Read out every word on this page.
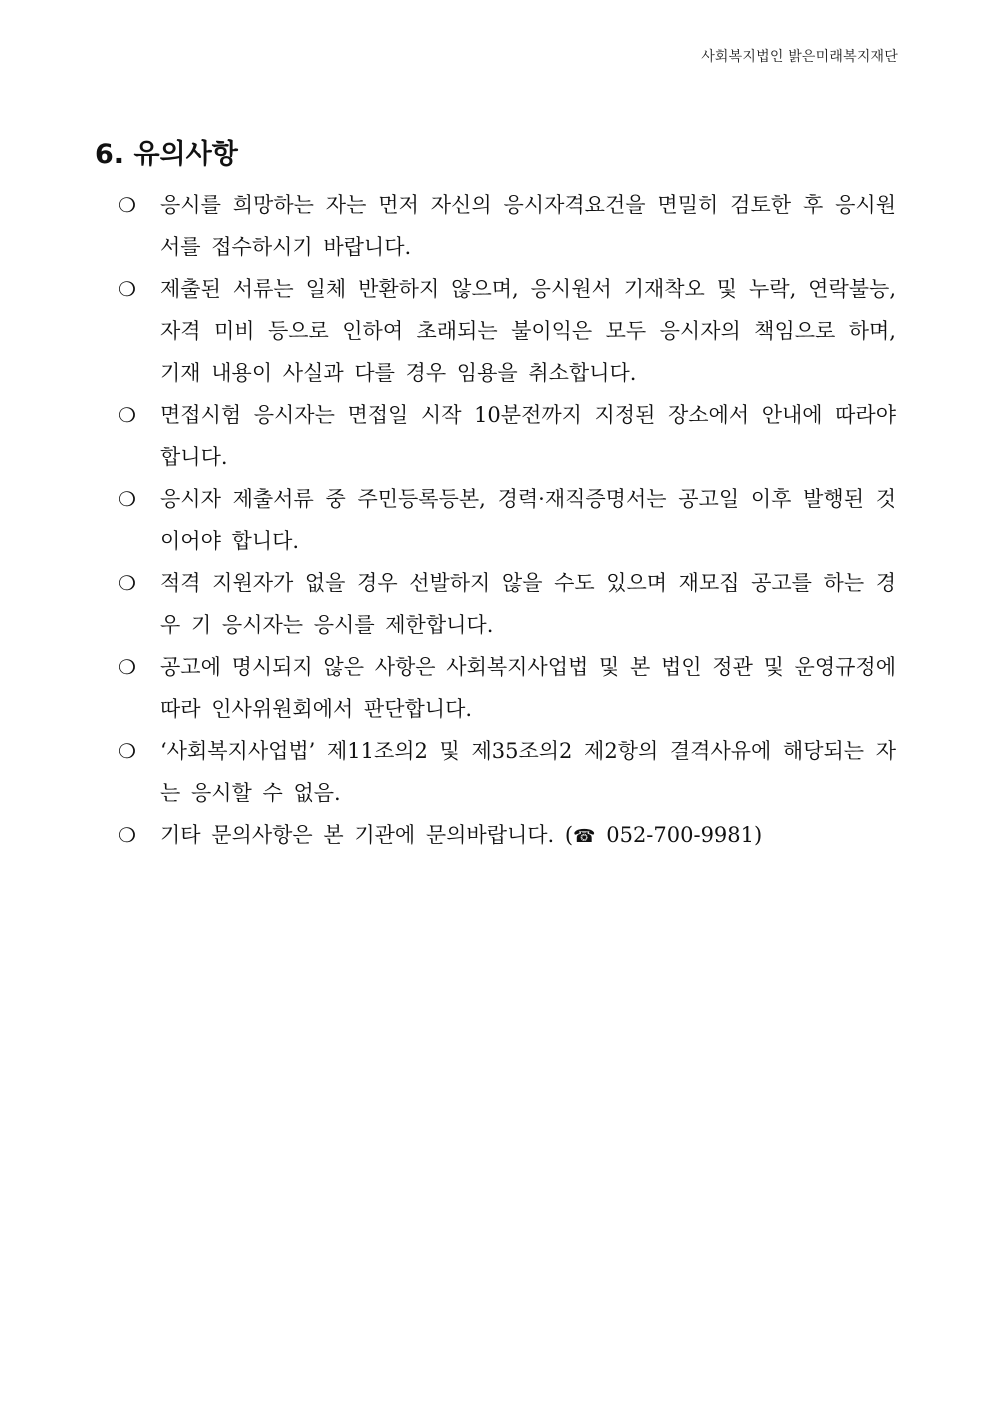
사회복지법인 밝은미래복지재단
6. 유의사항
❍	응시를 희망하는 자는 먼저 자신의 응시자격요건을 면밀히 검토한 후 응시원서를 접수하시기 바랍니다.
❍	제출된 서류는 일체 반환하지 않으며, 응시원서 기재착오 및 누락, 연락불능, 자격 미비 등으로 인하여 초래되는 불이익은 모두 응시자의 책임으로 하며, 기재 내용이 사실과 다를 경우 임용을 취소합니다.
❍	면접시험 응시자는 면접일 시작 10분전까지 지정된 장소에서 안내에 따라야 합니다.
❍	응시자 제출서류 중 주민등록등본, 경력·재직증명서는 공고일 이후 발행된 것이어야 합니다.
❍	적격 지원자가 없을 경우 선발하지 않을 수도 있으며 재모집 공고를 하는 경우 기 응시자는 응시를 제한합니다.
❍	공고에 명시되지 않은 사항은 사회복지사업법 및 본 법인 정관 및 운영규정에 따라 인사위원회에서 판단합니다.
❍	‘사회복지사업법’ 제11조의2 및 제35조의2 제2항의 결격사유에 해당되는 자는 응시할 수 없음.
❍	기타 문의사항은 본 기관에 문의바랍니다. (☎ 052-700-9981)
